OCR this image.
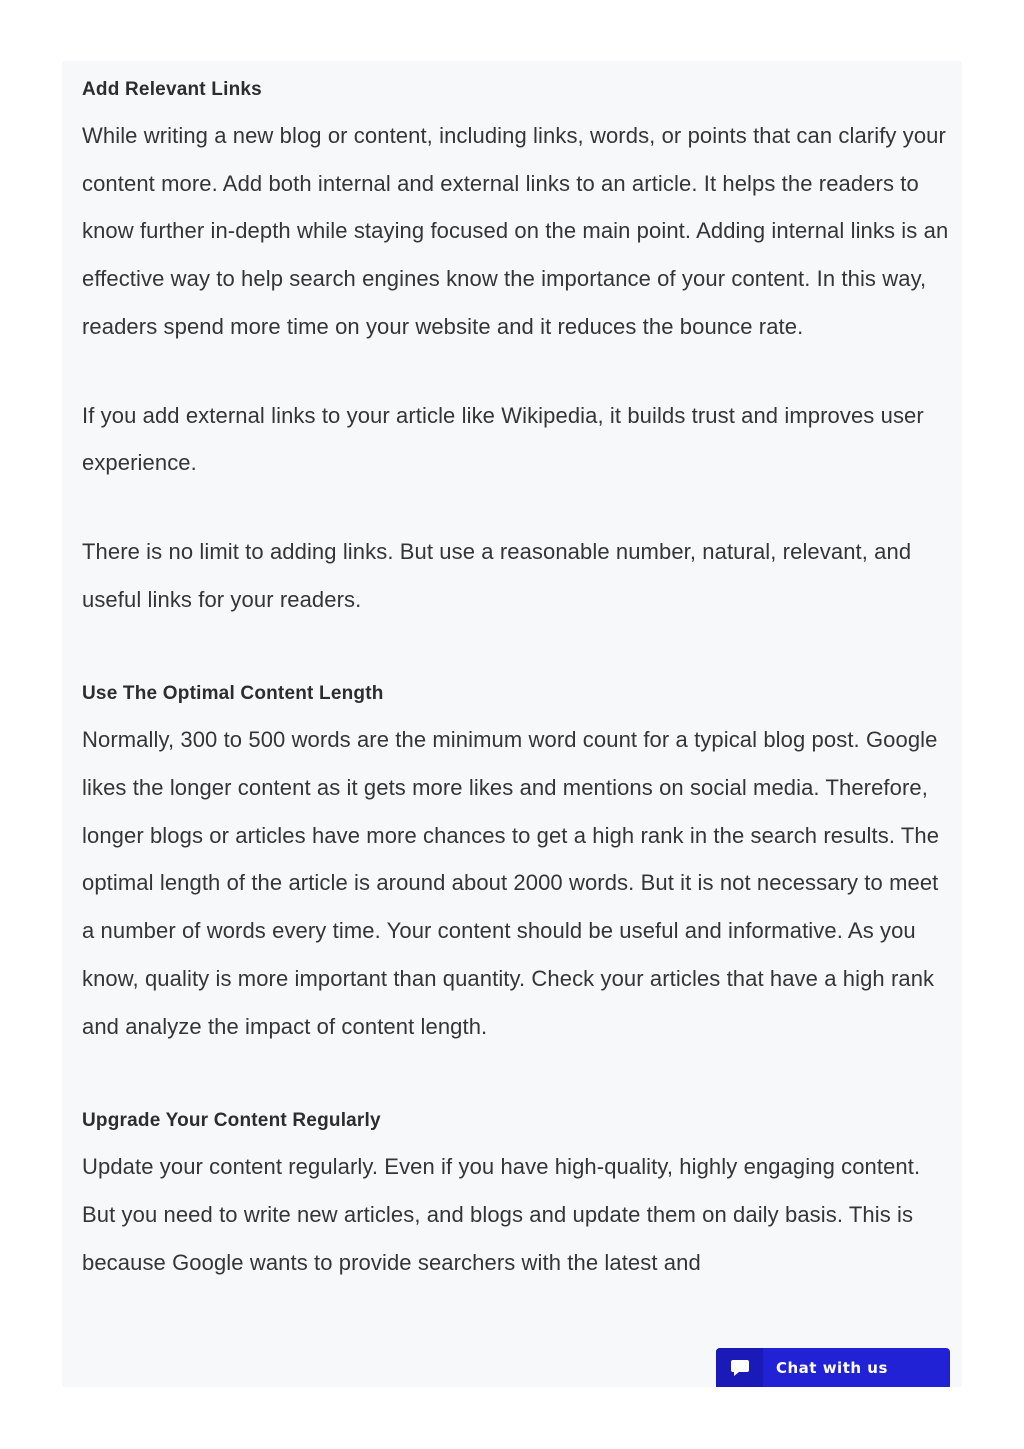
Add Relevant Links

While writing a new blog or content, including links, words, or points that can clarify your content more. Add both internal and external links to an article. It helps the readers to know further in-depth while staying focused on the main point. Adding internal links is an effective way to help search engines know the importance of your content. In this way, readers spend more time on your website and it reduces the bounce rate.

If you add external links to your article like Wikipedia, it builds trust and improves user experience.

There is no limit to adding links. But use a reasonable number, natural, relevant, and useful links for your readers.

Use The Optimal Content Length

Normally, 300 to 500 words are the minimum word count for a typical blog post. Google likes the longer content as it gets more likes and mentions on social media. Therefore, longer blogs or articles have more chances to get a high rank in the search results. The optimal length of the article is around about 2000 words. But it is not necessary to meet a number of words every time. Your content should be useful and informative. As you know, quality is more important than quantity. Check your articles that have a high rank and analyze the impact of content length.

Upgrade Your Content Regularly

Update your content regularly. Even if you have high-quality, highly engaging content. But you need to write new articles, and blogs and update them on daily basis. This is because Google wants to provide searchers with the latest and

Chat with us
